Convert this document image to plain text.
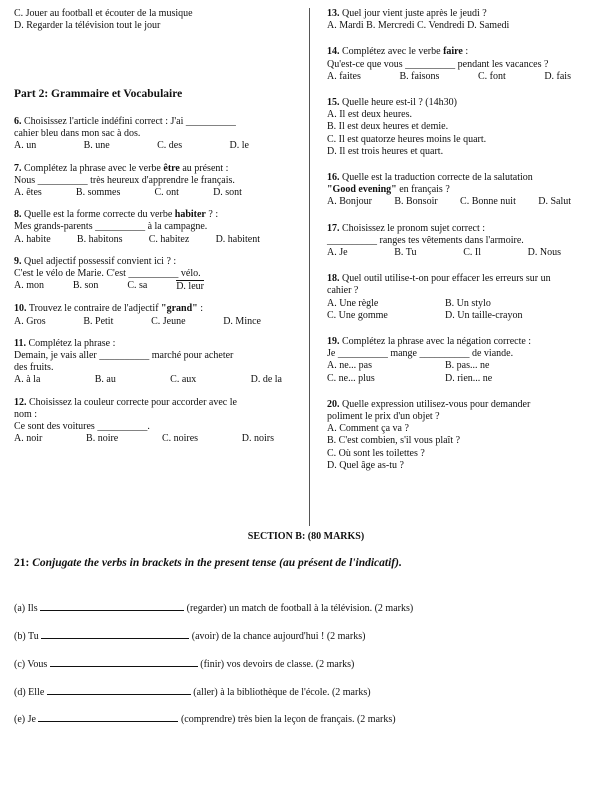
C. Jouer au football et écouter de la musique
D. Regarder la télévision tout le jour
Part 2: Grammaire et Vocabulaire
6. Choisissez l'article indéfini correct : J'ai __________
cahier bleu dans mon sac à dos.
A. un	B. une	C. des	D. le
7. Complétez la phrase avec le verbe être au présent :
Nous __________ très heureux d'apprendre le français.
A. êtes	B. sommes	C. ont	D. sont
8. Quelle est la forme correcte du verbe habiter ? :
Mes grands-parents __________ à la campagne.
A. habite	B. habitons	C. habitez	D. habitent
9. Quel adjectif possessif convient ici ? :
C'est le vélo de Marie. C'est __________ vélo.
A. mon	B. son	C. sa	D. leur
10. Trouvez le contraire de l'adjectif "grand" :
A. Gros	B. Petit	C. Jeune	D. Mince
11. Complétez la phrase :
Demain, je vais aller __________ marché pour acheter
des fruits.
A. à la	B. au	C. aux	D. de la
12. Choisissez la couleur correcte pour accorder avec le
nom :
Ce sont des voitures __________.
A. noir	B. noire	C. noires	D. noirs
13. Quel jour vient juste après le jeudi ?
A. Mardi B. Mercredi C. Vendredi D. Samedi
14. Complétez avec le verbe faire :
Qu'est-ce que vous __________ pendant les vacances ?
A. faites	B. faisons	C. font	D. fais
15. Quelle heure est-il ? (14h30)
A. Il est deux heures.
B. Il est deux heures et demie.
C. Il est quatorze heures moins le quart.
D. Il est trois heures et quart.
16. Quelle est la traduction correcte de la salutation
"Good evening" en français ?
A. Bonjour B. Bonsoir C. Bonne nuit D. Salut
17. Choisissez le pronom sujet correct :
__________ ranges tes vêtements dans l'armoire.
A. Je	B. Tu	C. Il	D. Nous
18. Quel outil utilise-t-on pour effacer les erreurs sur un
cahier ?
A. Une règle	B. Un stylo
C. Une gomme	D. Un taille-crayon
19. Complétez la phrase avec la négation correcte :
Je __________ mange __________ de viande.
A. ne... pas	B. pas... ne
C. ne... plus	D. rien... ne
20. Quelle expression utilisez-vous pour demander
poliment le prix d'un objet ?
A. Comment ça va ?
B. C'est combien, s'il vous plaît ?
C. Où sont les toilettes ?
D. Quel âge as-tu ?
SECTION B: (80 MARKS)
21: Conjugate the verbs in brackets in the present tense (au présent de l'indicatif).
(a) Ils	(regarder) un match de football à la télévision. (2 marks)
(b) Tu	(avoir) de la chance aujourd'hui ! (2 marks)
(c) Vous	(finir) vos devoirs de classe. (2 marks)
(d) Elle	(aller) à la bibliothèque de l'école. (2 marks)
(e) Je	(comprendre) très bien la leçon de français. (2 marks)
